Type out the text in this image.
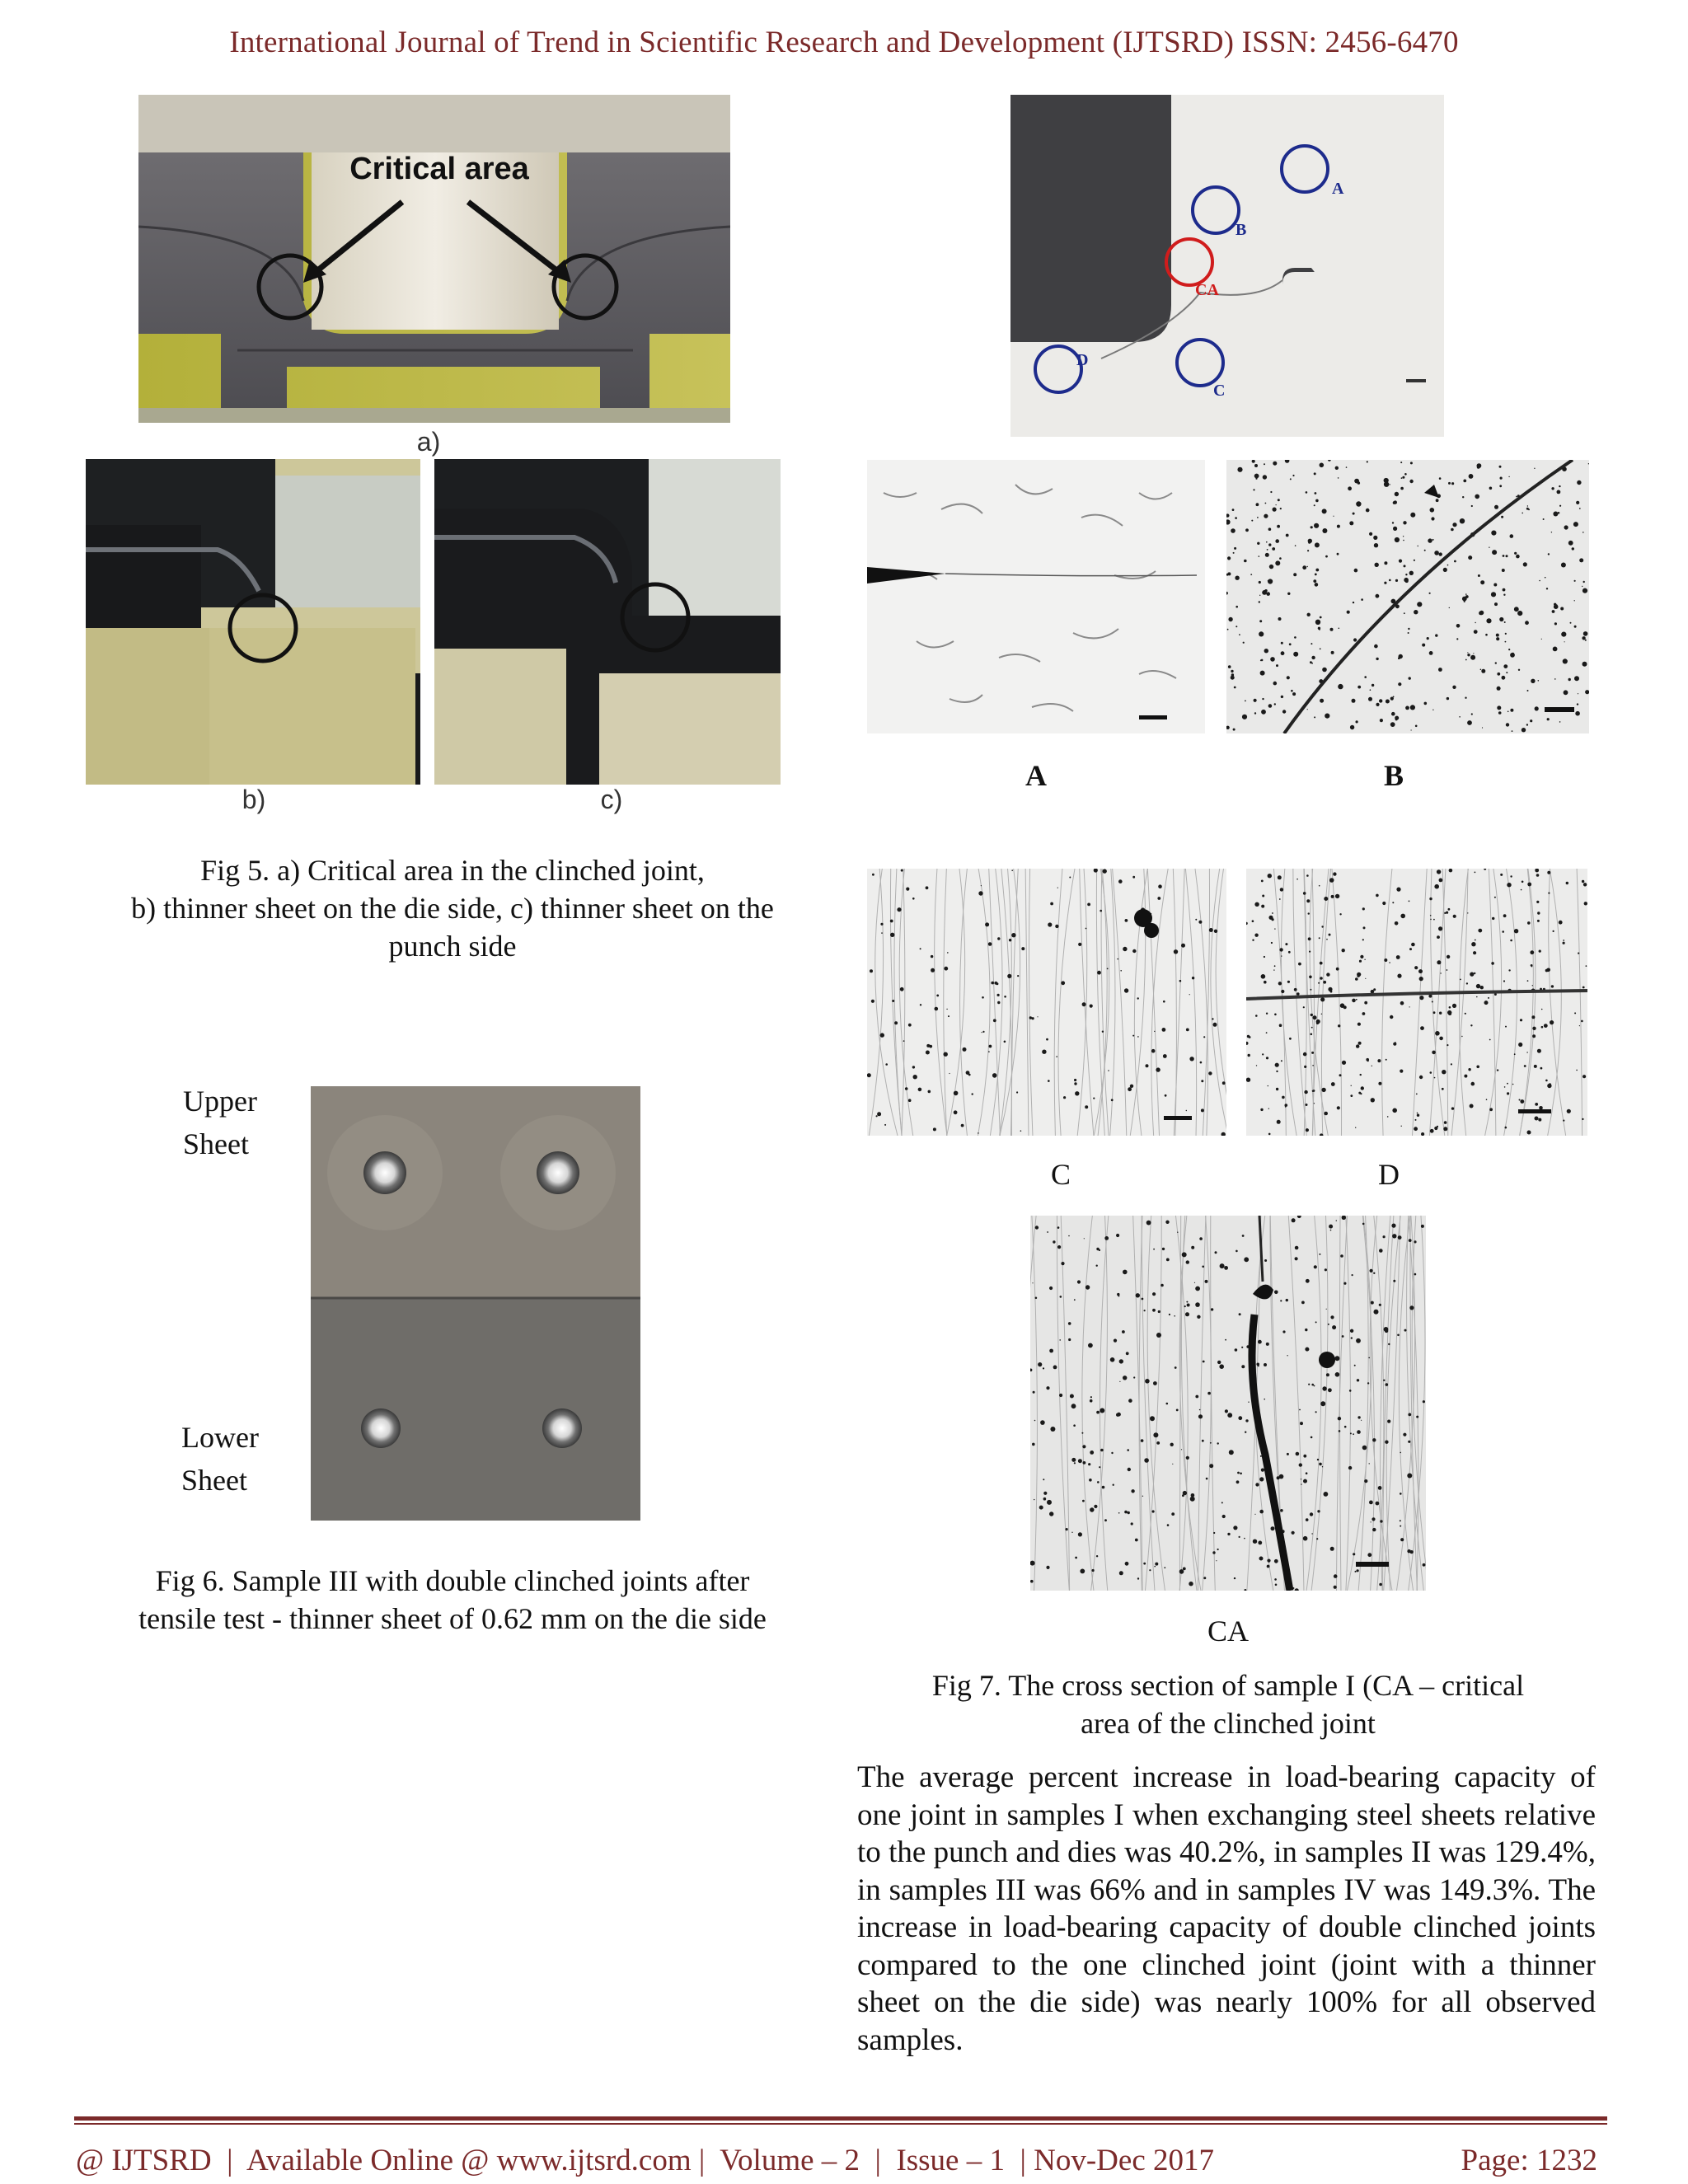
International Journal of Trend in Scientific Research and Development (IJTSRD) ISSN: 2456-6470
Critical area
a)
b)	c)
Fig 5. a) Critical area in the clinched joint,
b) thinner sheet on the die side, c) thinner sheet on the
punch side
Upper
Sheet
Lower
Sheet
Fig 6. Sample III with double clinched joints after
tensile test - thinner sheet of 0.62 mm on the die side
A
B
CA
C
D
A	B
C	D
CA
Fig 7. The cross section of sample I (CA – critical
area of the clinched joint
The average percent increase in load-bearing capacity of one joint in samples I when exchanging steel sheets relative to the punch and dies was 40.2%, in samples II was 129.4%, in samples III was 66% and in samples IV was 149.3%. The increase in load-bearing capacity of double clinched joints compared to the one clinched joint (joint with a thinner sheet on the die side) was nearly 100% for all observed samples.
@ IJTSRD  |  Available Online @ www.ijtsrd.com |  Volume – 2  |  Issue – 1  | Nov-Dec 2017	Page: 1232
